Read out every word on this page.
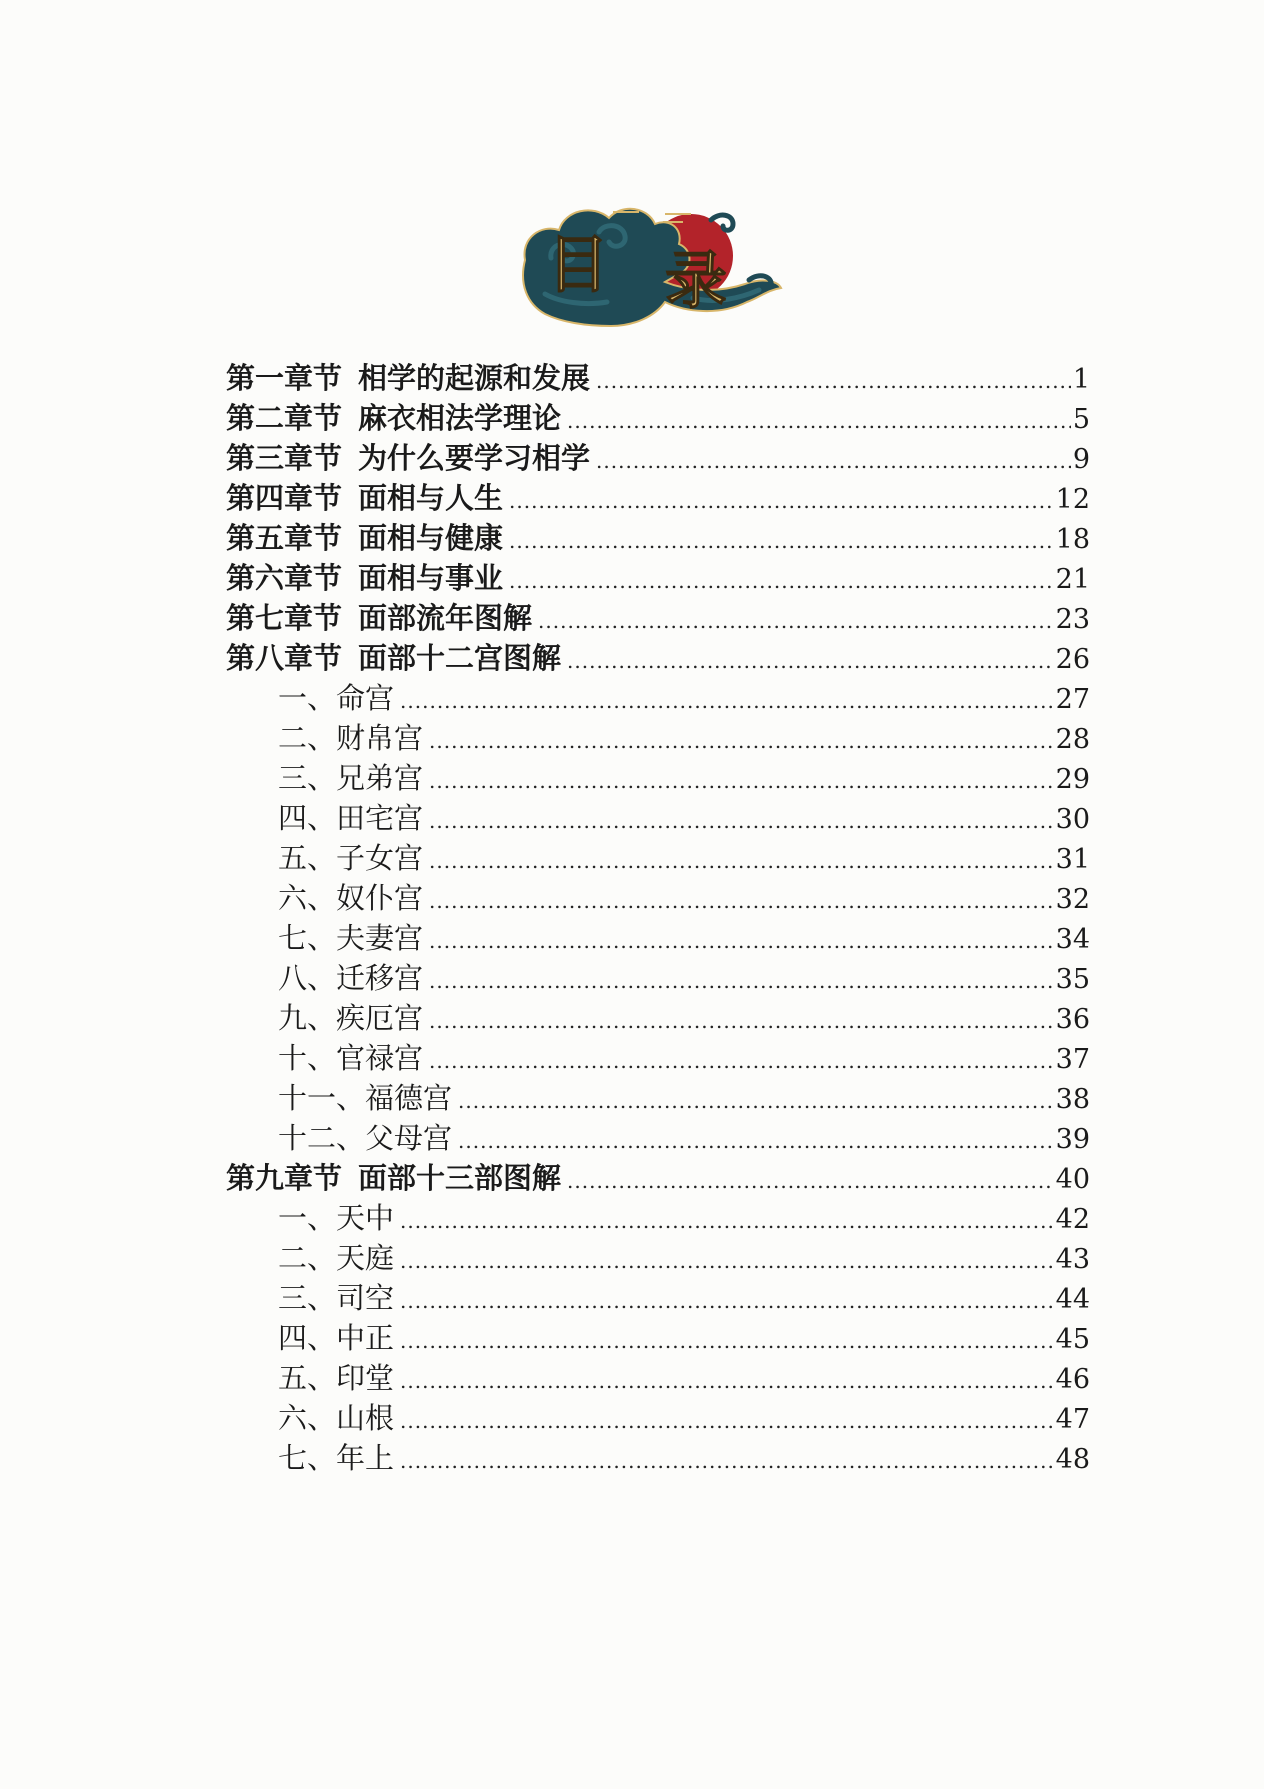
目 录
第一章节 相学的起源和发展 .....	1
第二章节 麻衣相法学理论 .....	5
第三章节 为什么要学习相学 .....	9
第四章节 面相与人生 .....	12
第五章节 面相与健康 .....	18
第六章节 面相与事业 .....	21
第七章节 面部流年图解 .....	23
第八章节 面部十二宫图解 .....	26
一、命宫 .....	27
二、财帛宫 .....	28
三、兄弟宫 .....	29
四、田宅宫 .....	30
五、子女宫 .....	31
六、奴仆宫 .....	32
七、夫妻宫 .....	34
八、迁移宫 .....	35
九、疾厄宫 .....	36
十、官禄宫 .....	37
十一、福德宫 .....	38
十二、父母宫 .....	39
第九章节 面部十三部图解 .....	40
一、天中 .....	42
二、天庭 .....	43
三、司空 .....	44
四、中正 .....	45
五、印堂 .....	46
六、山根 .....	47
七、年上 .....	48
